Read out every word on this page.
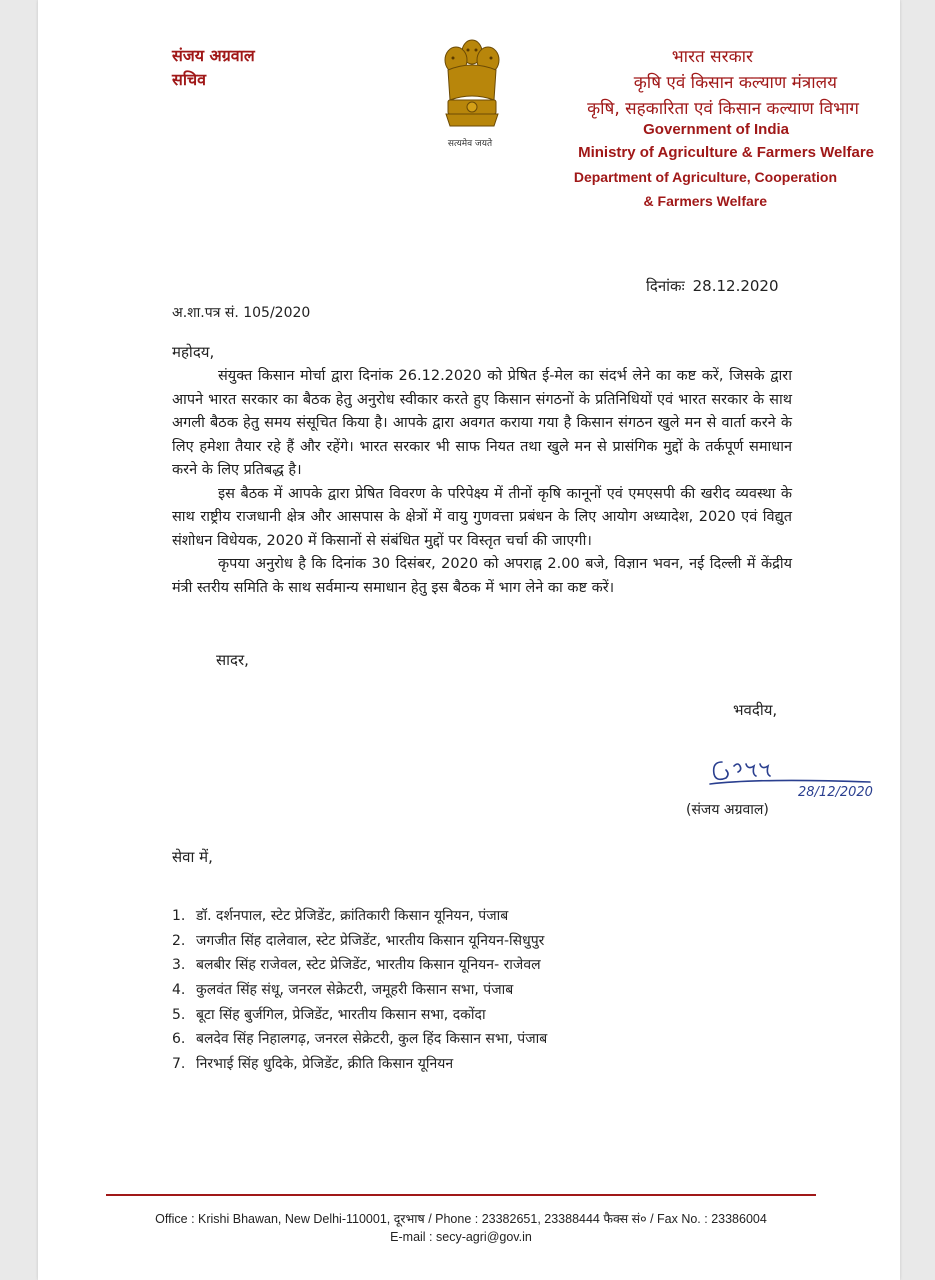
संजय अग्रवाल
सचिव
सत्यमेव जयते
भारत सरकार
कृषि एवं किसान कल्याण मंत्रालय
कृषि, सहकारिता एवं किसान कल्याण विभाग
Government of India
Ministry of Agriculture & Farmers Welfare
Department of Agriculture, Cooperation
& Farmers Welfare
दिनांकः 28.12.2020
अ.शा.पत्र सं. 105/2020
महोदय,

संयुक्त किसान मोर्चा द्वारा दिनांक 26.12.2020 को प्रेषित ई-मेल का संदर्भ लेने का कष्ट करें, जिसके द्वारा आपने भारत सरकार का बैठक हेतु अनुरोध स्वीकार करते हुए किसान संगठनों के प्रतिनिधियों एवं भारत सरकार के साथ अगली बैठक हेतु समय संसूचित किया है। आपके द्वारा अवगत कराया गया है किसान संगठन खुले मन से वार्ता करने के लिए हमेशा तैयार रहे हैं और रहेंगे। भारत सरकार भी साफ नियत तथा खुले मन से प्रासंगिक मुद्दों के तर्कपूर्ण समाधान करने के लिए प्रतिबद्ध है।

इस बैठक में आपके द्वारा प्रेषित विवरण के परिपेक्ष्य में तीनों कृषि कानूनों एवं एमएसपी की खरीद व्यवस्था के साथ राष्ट्रीय राजधानी क्षेत्र और आसपास के क्षेत्रों में वायु गुणवत्ता प्रबंधन के लिए आयोग अध्यादेश, 2020 एवं विद्युत संशोधन विधेयक, 2020 में किसानों से संबंधित मुद्दों पर विस्तृत चर्चा की जाएगी।

कृपया अनुरोध है कि दिनांक 30 दिसंबर, 2020 को अपराह्न 2.00 बजे, विज्ञान भवन, नई दिल्ली में केंद्रीय मंत्री स्तरीय समिति के साथ सर्वमान्य समाधान हेतु इस बैठक में भाग लेने का कष्ट करें।

सादर,
भवदीय,
28/12/2020
(संजय अग्रवाल)
सेवा में,
1. डॉ. दर्शनपाल, स्टेट प्रेजिडेंट, क्रांतिकारी किसान यूनियन, पंजाब
2. जगजीत सिंह दालेवाल, स्टेट प्रेजिडेंट, भारतीय किसान यूनियन-सिधुपुर
3. बलबीर सिंह राजेवल, स्टेट प्रेजिडेंट, भारतीय किसान यूनियन- राजेवल
4. कुलवंत सिंह संधू, जनरल सेक्रेटरी, जमूहरी किसान सभा, पंजाब
5. बूटा सिंह बुर्जगिल, प्रेजिडेंट, भारतीय किसान सभा, दकोंदा
6. बलदेव सिंह निहालगढ़, जनरल सेक्रेटरी, कुल हिंद किसान सभा, पंजाब
7. निरभाई सिंह धुदिके, प्रेजिडेंट, क्रीति किसान यूनियन
Office : Krishi Bhawan, New Delhi-110001, दूरभाष / Phone : 23382651, 23388444 फैक्स सं० / Fax No. : 23386004
E-mail : secy-agri@gov.in
